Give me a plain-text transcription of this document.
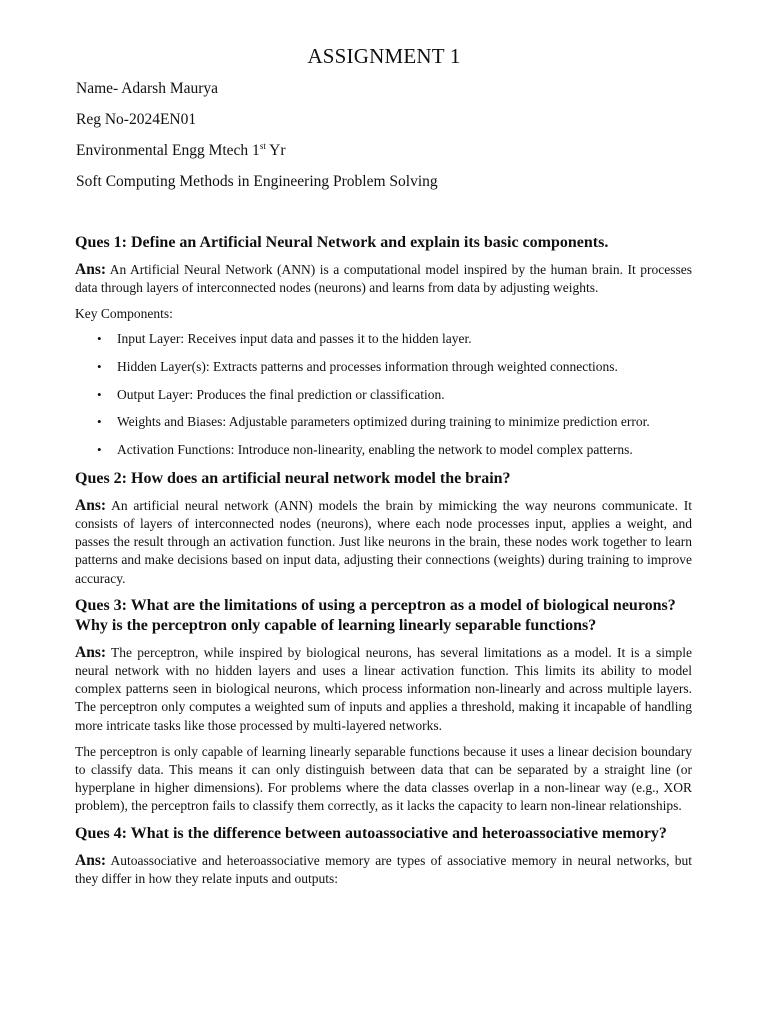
ASSIGNMENT 1
Name- Adarsh Maurya
Reg No-2024EN01
Environmental Engg Mtech 1st Yr
Soft Computing Methods in Engineering Problem Solving
Ques 1: Define an Artificial Neural Network and explain its basic components.
Ans: An Artificial Neural Network (ANN) is a computational model inspired by the human brain. It processes data through layers of interconnected nodes (neurons) and learns from data by adjusting weights.
Key Components:
• Input Layer: Receives input data and passes it to the hidden layer.
• Hidden Layer(s): Extracts patterns and processes information through weighted connections.
• Output Layer: Produces the final prediction or classification.
• Weights and Biases: Adjustable parameters optimized during training to minimize prediction error.
• Activation Functions: Introduce non-linearity, enabling the network to model complex patterns.
Ques 2: How does an artificial neural network model the brain?
Ans: An artificial neural network (ANN) models the brain by mimicking the way neurons communicate. It consists of layers of interconnected nodes (neurons), where each node processes input, applies a weight, and passes the result through an activation function. Just like neurons in the brain, these nodes work together to learn patterns and make decisions based on input data, adjusting their connections (weights) during training to improve accuracy.
Ques 3: What are the limitations of using a perceptron as a model of biological neurons? Why is the perceptron only capable of learning linearly separable functions?
Ans: The perceptron, while inspired by biological neurons, has several limitations as a model. It is a simple neural network with no hidden layers and uses a linear activation function. This limits its ability to model complex patterns seen in biological neurons, which process information non-linearly and across multiple layers. The perceptron only computes a weighted sum of inputs and applies a threshold, making it incapable of handling more intricate tasks like those processed by multi-layered networks.
The perceptron is only capable of learning linearly separable functions because it uses a linear decision boundary to classify data. This means it can only distinguish between data that can be separated by a straight line (or hyperplane in higher dimensions). For problems where the data classes overlap in a non-linear way (e.g., XOR problem), the perceptron fails to classify them correctly, as it lacks the capacity to learn non-linear relationships.
Ques 4: What is the difference between autoassociative and heteroassociative memory?
Ans: Autoassociative and heteroassociative memory are types of associative memory in neural networks, but they differ in how they relate inputs and outputs:
